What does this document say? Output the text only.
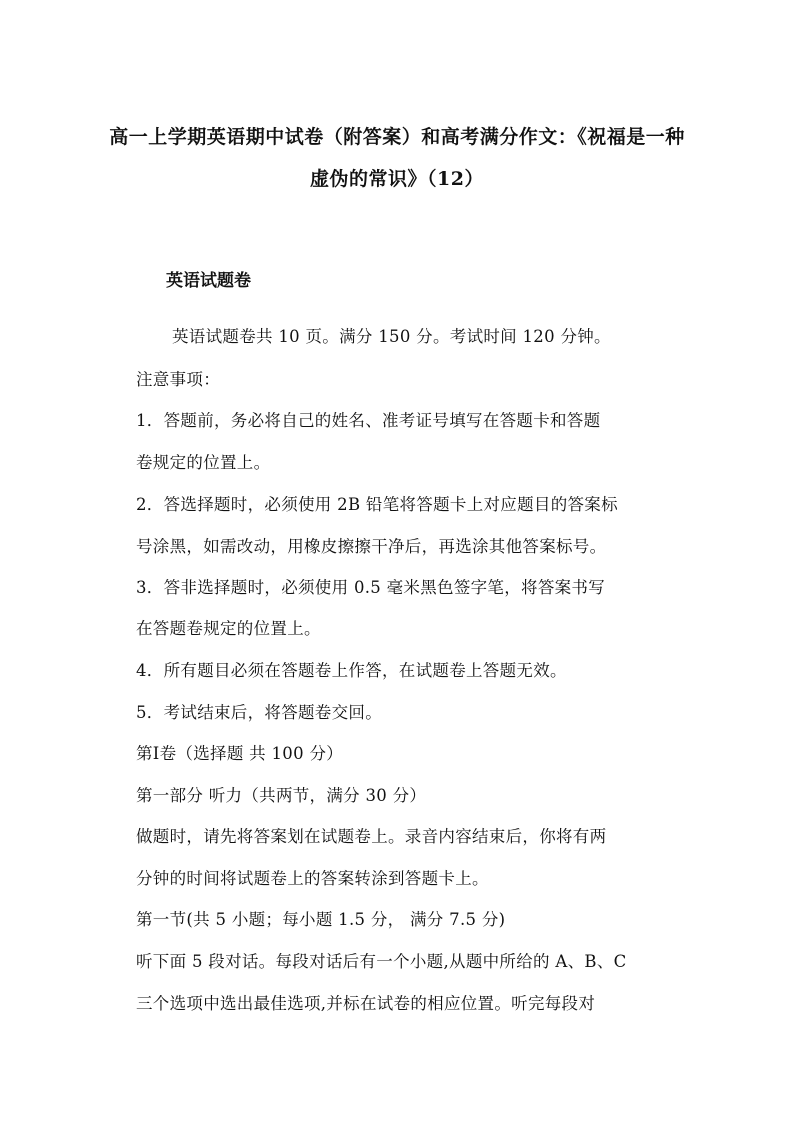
高一上学期英语期中试卷（附答案）和高考满分作文：《祝福是一种
虚伪的常识》（12）
英语试题卷
英语试题卷共 10 页。满分 150 分。考试时间 120 分钟。
注意事项：
1．答题前，务必将自己的姓名、准考证号填写在答题卡和答题
卷规定的位置上。
2．答选择题时，必须使用 2B 铅笔将答题卡上对应题目的答案标
号涂黑，如需改动，用橡皮擦擦干净后，再选涂其他答案标号。
3．答非选择题时，必须使用 0.5 毫米黑色签字笔，将答案书写
在答题卷规定的位置上。
4．所有题目必须在答题卷上作答，在试题卷上答题无效。
5．考试结束后，将答题卷交回。
第Ⅰ卷（选择题 共 100 分）
第一部分 听力（共两节，满分 30 分）
做题时，请先将答案划在试题卷上。录音内容结束后，你将有两
分钟的时间将试题卷上的答案转涂到答题卡上。
第一节(共 5 小题；每小题 1.5 分， 满分 7.5 分)
听下面 5 段对话。每段对话后有一个小题,从题中所给的 A、B、C
三个选项中选出最佳选项,并标在试卷的相应位置。听完每段对
